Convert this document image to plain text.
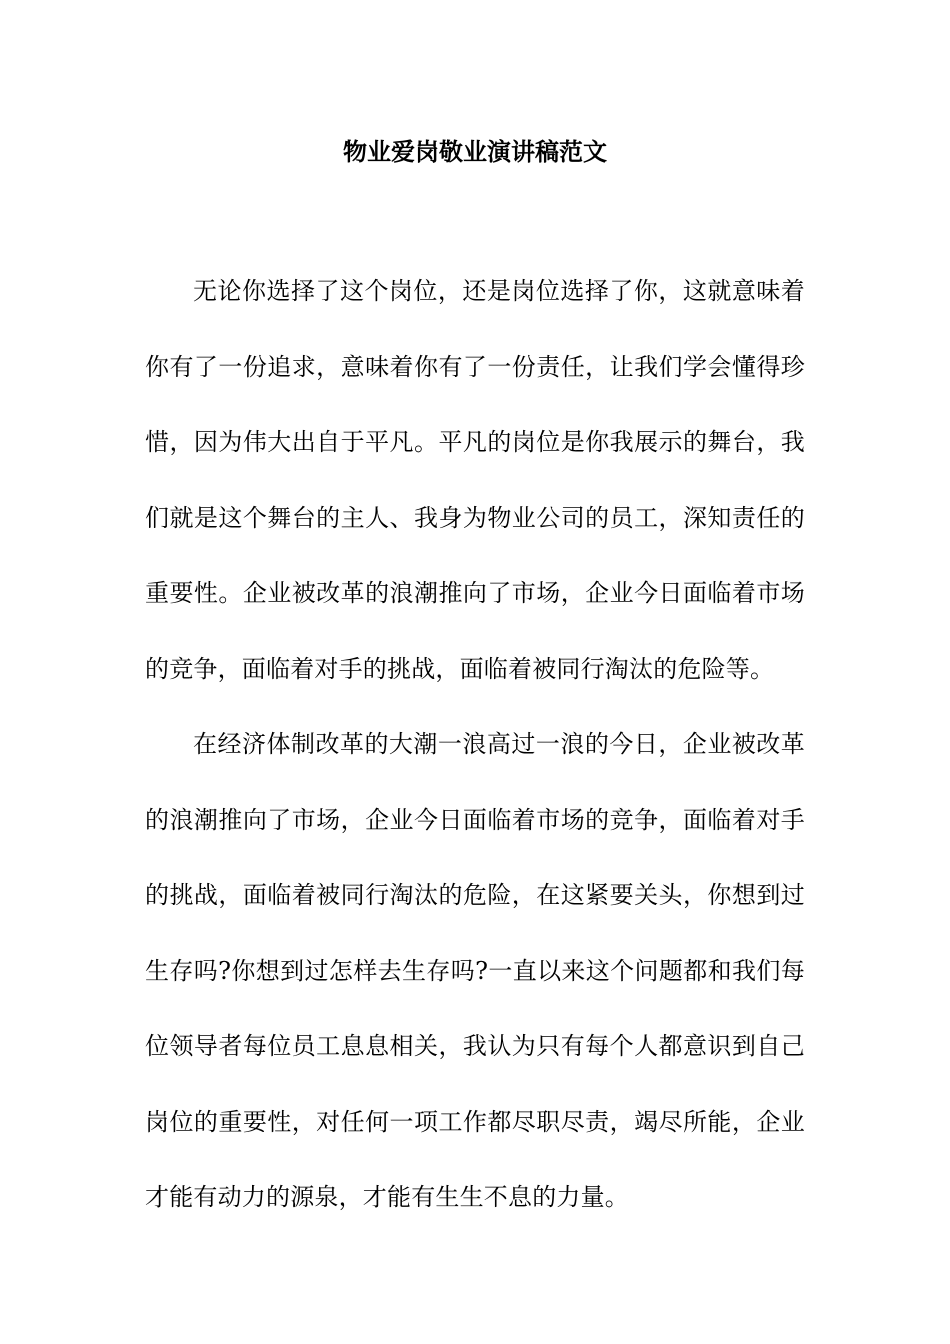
物业爱岗敬业演讲稿范文

无论你选择了这个岗位，还是岗位选择了你，这就意味着你有了一份追求，意味着你有了一份责任，让我们学会懂得珍惜，因为伟大出自于平凡。平凡的岗位是你我展示的舞台，我们就是这个舞台的主人、我身为物业公司的员工，深知责任的重要性。企业被改革的浪潮推向了市场，企业今日面临着市场的竞争，面临着对手的挑战，面临着被同行淘汰的危险等。

在经济体制改革的大潮一浪高过一浪的今日，企业被改革的浪潮推向了市场，企业今日面临着市场的竞争，面临着对手的挑战，面临着被同行淘汰的危险，在这紧要关头，你想到过生存吗?你想到过怎样去生存吗?一直以来这个问题都和我们每位领导者每位员工息息相关，我认为只有每个人都意识到自己岗位的重要性，对任何一项工作都尽职尽责，竭尽所能，企业才能有动力的源泉，才能有生生不息的力量。
